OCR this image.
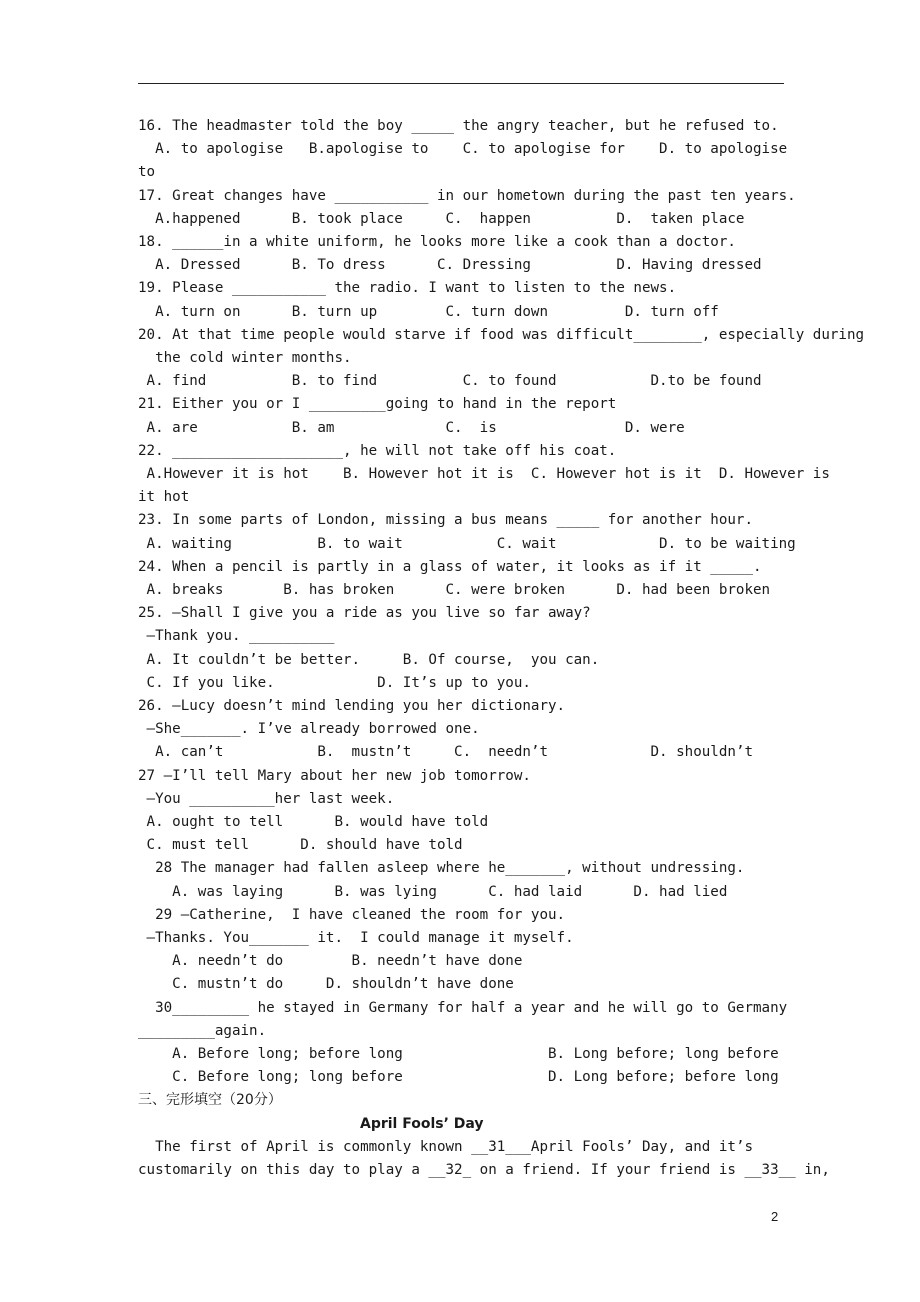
16. The headmaster told the boy _____ the angry teacher, but he refused to.
A. to apologise   B.apologise to    C. to apologise for    D. to apologise
to
17. Great changes have ___________ in our hometown during the past ten years.
A.happened      B. took place     C.  happen          D.  taken place
18. ______in a white uniform, he looks more like a cook than a doctor.
A. Dressed      B. To dress      C. Dressing          D. Having dressed
19. Please ___________ the radio. I want to listen to the news.
A. turn on      B. turn up        C. turn down         D. turn off
20. At that time people would starve if food was difficult________, especially during
the cold winter months.
A. find          B. to find          C. to found           D.to be found
21. Either you or I _________going to hand in the report
A. are           B. am             C.  is               D. were
22. ____________________, he will not take off his coat.
A.However it is hot    B. However hot it is  C. However hot is it  D. However is
it hot
23. In some parts of London, missing a bus means _____ for another hour.
A. waiting          B. to wait           C. wait            D. to be waiting
24. When a pencil is partly in a glass of water, it looks as if it _____.
A. breaks       B. has broken      C. were broken      D. had been broken
25. —Shall I give you a ride as you live so far away?
—Thank you. __________
A. It couldn’t be better.     B. Of course,  you can.
C. If you like.            D. It’s up to you.
26. —Lucy doesn’t mind lending you her dictionary.
—She_______. I’ve already borrowed one.
A. can’t           B.  mustn’t     C.  needn’t            D. shouldn’t
27 —I’ll tell Mary about her new job tomorrow.
—You __________her last week.
A. ought to tell      B. would have told
C. must tell      D. should have told
28 The manager had fallen asleep where he_______, without undressing.
A. was laying      B. was lying      C. had laid      D. had lied
29 —Catherine,  I have cleaned the room for you.
—Thanks. You_______ it.  I could manage it myself.
A. needn’t do        B. needn’t have done
C. mustn’t do     D. shouldn’t have done
30_________ he stayed in Germany for half a year and he will go to Germany
_________again.
A. Before long; before long                 B. Long before; long before
C. Before long; long before                 D. Long before; before long
三、完形填空（20分）
April Fools’ Day
The first of April is commonly known __31___April Fools’ Day, and it’s
customarily on this day to play a __32_ on a friend. If your friend is __33__ in,
2
